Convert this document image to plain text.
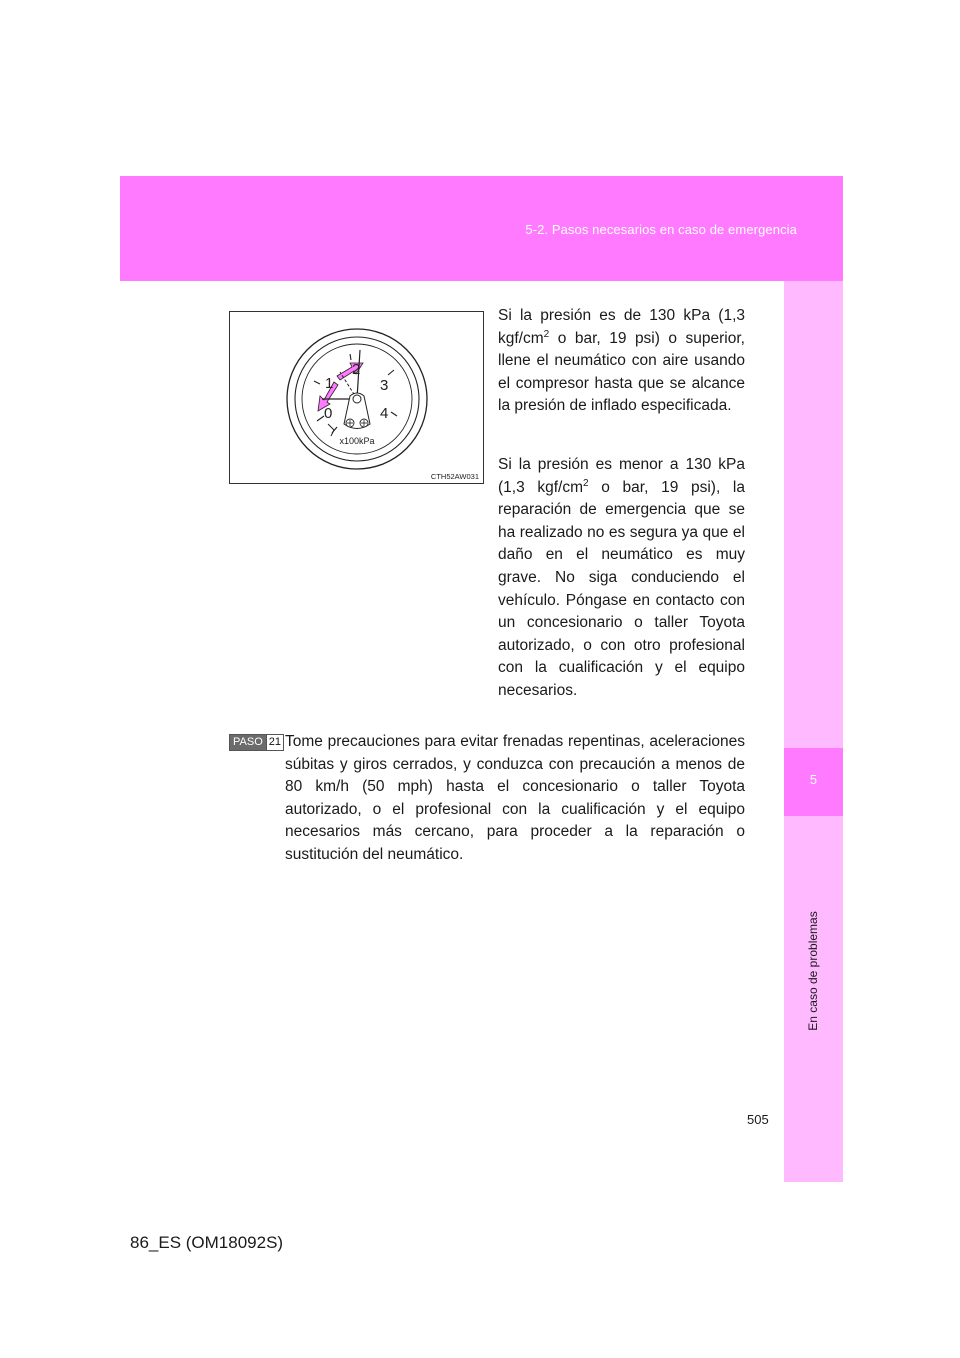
5-2. Pasos necesarios en caso de emergencia
5
En caso de problemas
0
1
2
3
4
x100kPa
CTH52AW031

Si la presión es de 130 kPa (1,3 kgf/$cm^2$ o bar, 19 psi) o superior, llene el neumático con aire usando el compresor hasta que se alcance la presión de inflado especificada.

Si la presión es menor a 130 kPa (1,3 kgf/$cm^2$ o bar, 19 psi), la reparación de emergencia que se ha realizado no es segura ya que el daño en el neumático es muy grave. No siga conduciendo el vehículo. Póngase en contacto con un concesionario o taller Toyota autorizado, o con otro profesional con la cualificación y el equipo necesarios.

PASO 21 Tome precauciones para evitar frenadas repentinas, aceleraciones súbitas y giros cerrados, y conduzca con precaución a menos de 80 km/h (50 mph) hasta el concesionario o taller Toyota autorizado, o el profesional con la cualificación y el equipo necesarios más cercano, para proceder a la reparación o sustitución del neumático.

505
86_ES (OM18092S)
